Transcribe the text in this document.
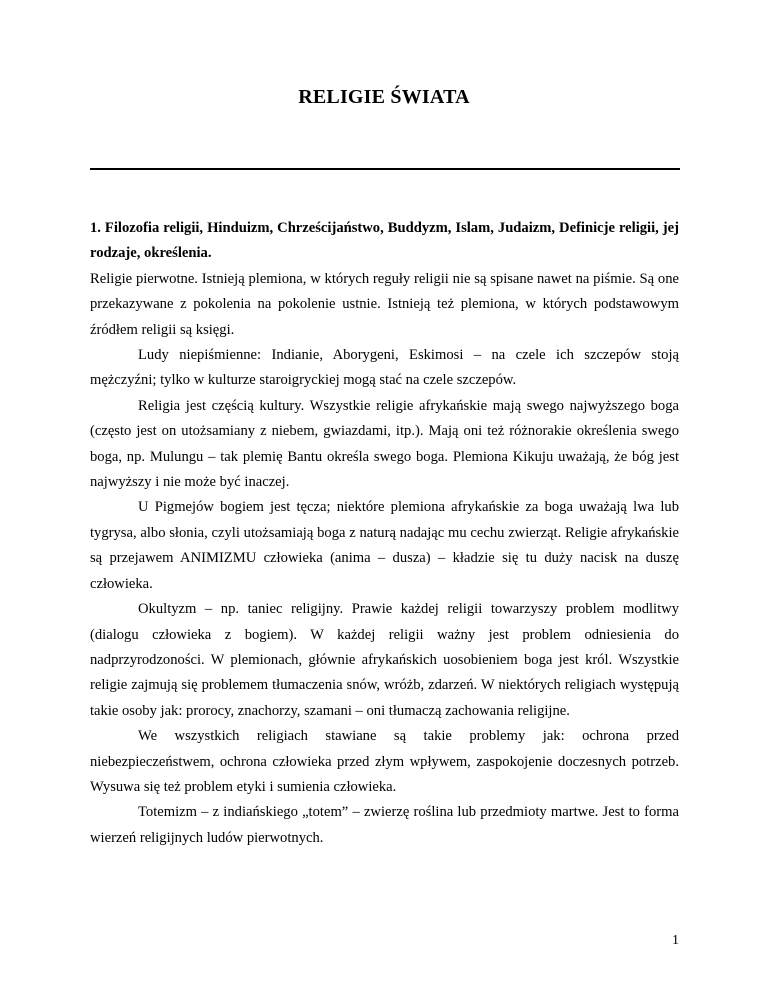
RELIGIE ŚWIATA

1. Filozofia religii, Hinduizm, Chrześcijaństwo, Buddyzm, Islam, Judaizm, Definicje religii, jej rodzaje, określenia.

Religie pierwotne. Istnieją plemiona, w których reguły religii nie są spisane nawet na piśmie. Są one przekazywane z pokolenia na pokolenie ustnie. Istnieją też plemiona, w których podstawowym źródłem religii są księgi.

Ludy niepiśmienne: Indianie, Aborygeni, Eskimosi – na czele ich szczepów stoją mężczyźni; tylko w kulturze staroigryckiej mogą stać na czele szczepów.

Religia jest częścią kultury. Wszystkie religie afrykańskie mają swego najwyższego boga (często jest on utożsamiany z niebem, gwiazdami, itp.). Mają oni też różnorakie określenia swego boga, np. Mulungu – tak plemię Bantu określa swego boga. Plemiona Kikuju uważają, że bóg jest najwyższy i nie może być inaczej.

U Pigmejów bogiem jest tęcza; niektóre plemiona afrykańskie za boga uważają lwa lub tygrysa, albo słonia, czyli utożsamiają boga z naturą nadając mu cechu zwierząt. Religie afrykańskie są przejawem ANIMIZMU człowieka (anima – dusza) – kładzie się tu duży nacisk na duszę człowieka.

Okultyzm – np. taniec religijny. Prawie każdej religii towarzyszy problem modlitwy (dialogu człowieka z bogiem). W każdej religii ważny jest problem odniesienia do nadprzyrodzoności. W plemionach, głównie afrykańskich uosobieniem boga jest król. Wszystkie religie zajmują się problemem tłumaczenia snów, wróżb, zdarzeń. W niektórych religiach występują takie osoby jak: prorocy, znachorzy, szamani – oni tłumaczą zachowania religijne.

We wszystkich religiach stawiane są takie problemy jak: ochrona przed niebezpieczeństwem, ochrona człowieka przed złym wpływem, zaspokojenie doczesnych potrzeb. Wysuwa się też problem etyki i sumienia człowieka.

Totemizm – z indiańskiego „totem” – zwierzę roślina lub przedmioty martwe. Jest to forma wierzeń religijnych ludów pierwotnych.

1
